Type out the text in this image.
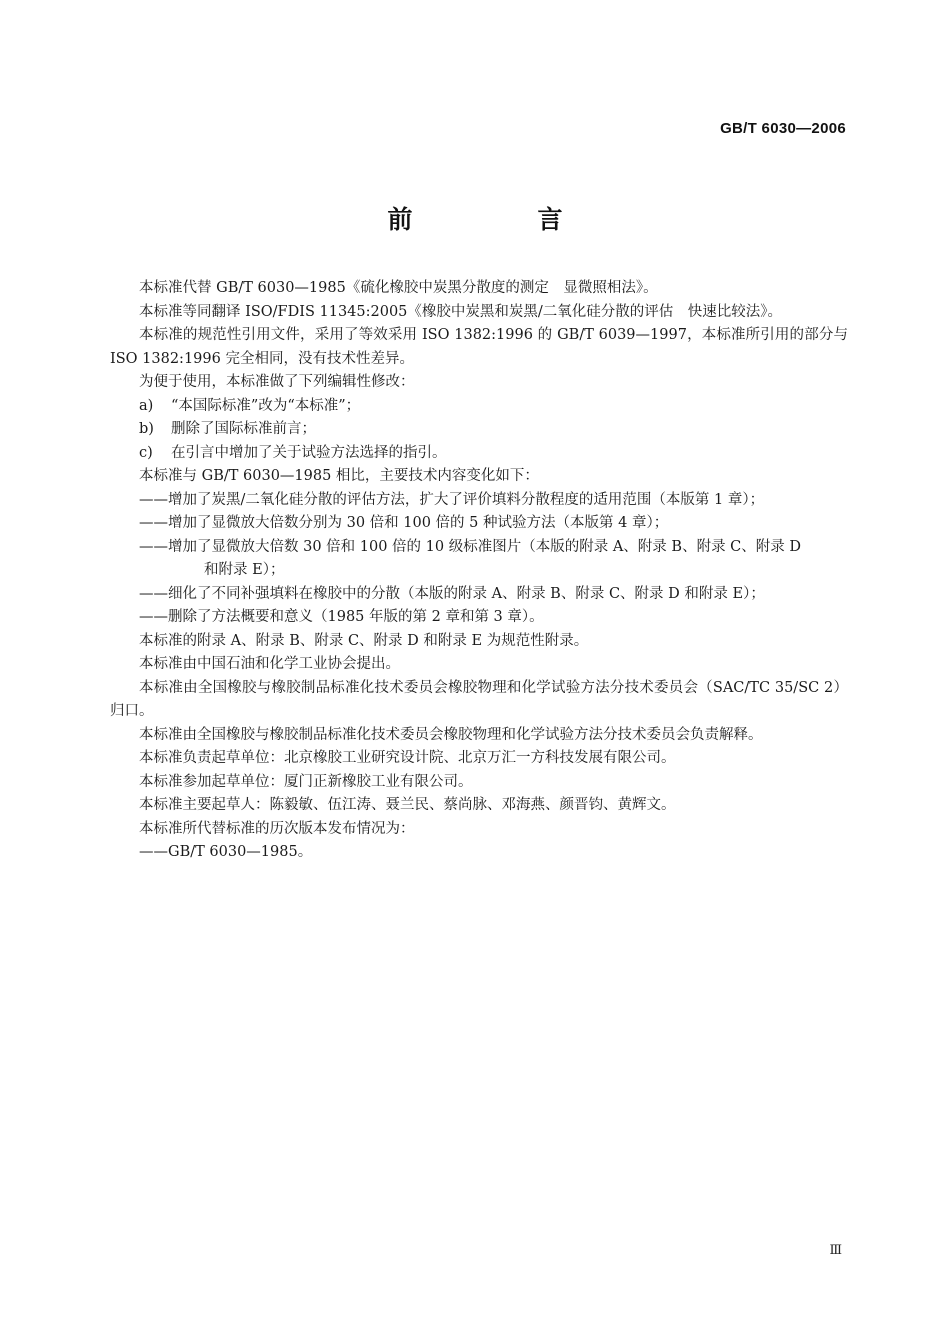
GB/T 6030—2006
前　言

本标准代替 GB/T 6030—1985《硫化橡胶中炭黑分散度的测定　显微照相法》。

本标准等同翻译 ISO/FDIS 11345:2005《橡胶中炭黑和炭黑/二氧化硅分散的评估　快速比较法》。

本标准的规范性引用文件，采用了等效采用 ISO 1382:1996 的 GB/T 6039—1997，本标准所引用的部分与 ISO 1382:1996 完全相同，没有技术性差异。

为便于使用，本标准做了下列编辑性修改：

a) “本国际标准”改为“本标准”；

b) 删除了国际标准前言；

c) 在引言中增加了关于试验方法选择的指引。

本标准与 GB/T 6030—1985 相比，主要技术内容变化如下：

——增加了炭黑/二氧化硅分散的评估方法，扩大了评价填料分散程度的适用范围（本版第 1 章）；

——增加了显微放大倍数分别为 30 倍和 100 倍的 5 种试验方法（本版第 4 章）；

——增加了显微放大倍数 30 倍和 100 倍的 10 级标准图片（本版的附录 A、附录 B、附录 C、附录 D

和附录 E）；

——细化了不同补强填料在橡胶中的分散（本版的附录 A、附录 B、附录 C、附录 D 和附录 E）；

——删除了方法概要和意义（1985 年版的第 2 章和第 3 章）。

本标准的附录 A、附录 B、附录 C、附录 D 和附录 E 为规范性附录。

本标准由中国石油和化学工业协会提出。

本标准由全国橡胶与橡胶制品标准化技术委员会橡胶物理和化学试验方法分技术委员会（SAC/TC 35/SC 2）归口。

本标准由全国橡胶与橡胶制品标准化技术委员会橡胶物理和化学试验方法分技术委员会负责解释。

本标准负责起草单位：北京橡胶工业研究设计院、北京万汇一方科技发展有限公司。

本标准参加起草单位：厦门正新橡胶工业有限公司。

本标准主要起草人：陈毅敏、伍江涛、聂兰民、蔡尚脉、邓海燕、颜晋钧、黄辉文。

本标准所代替标准的历次版本发布情况为：

——GB/T 6030—1985。

Ⅲ
